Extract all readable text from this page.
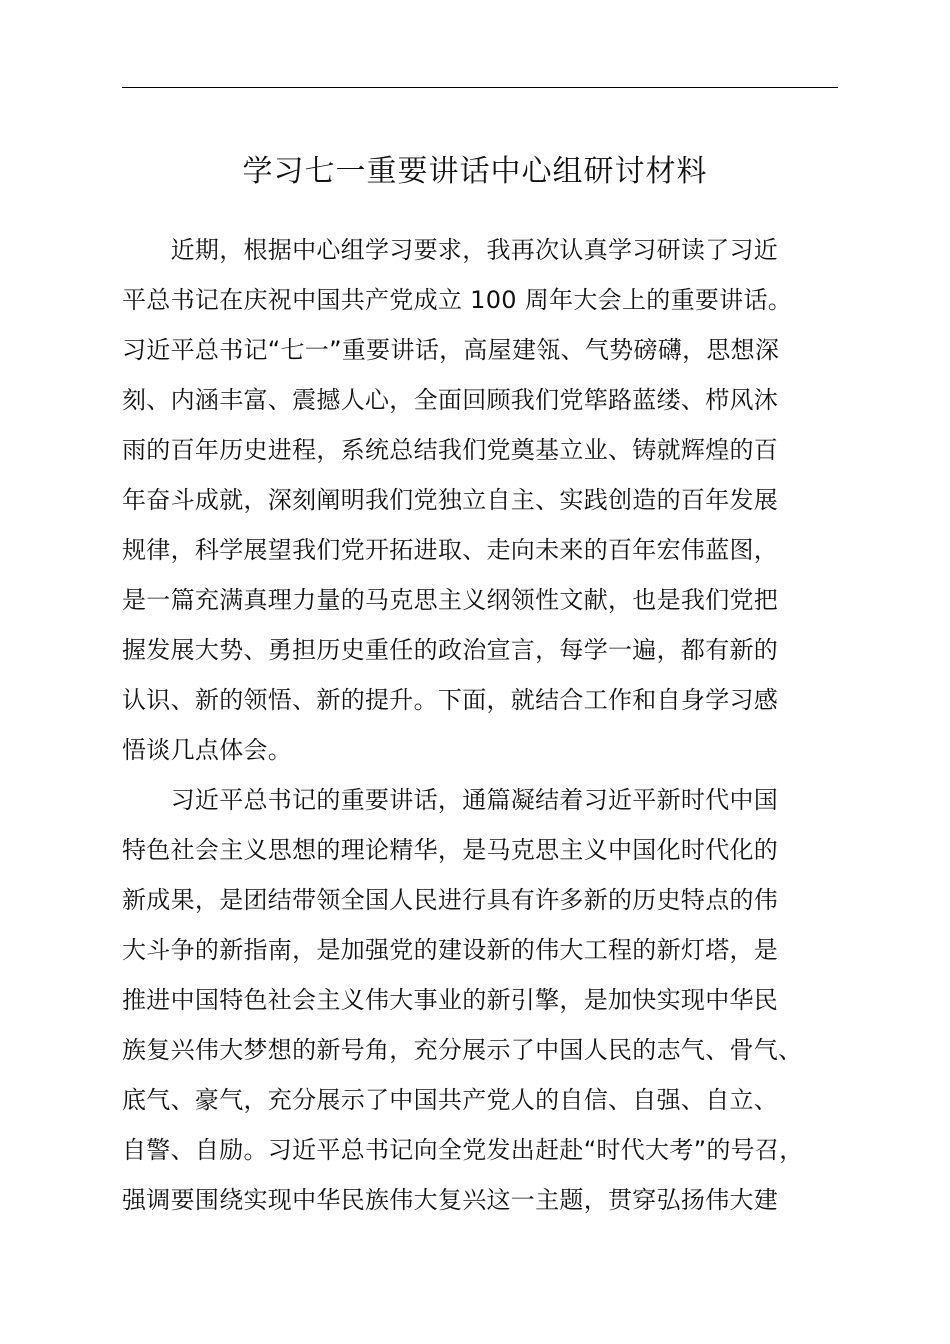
学习七一重要讲话中心组研讨材料
　　近期，根据中心组学习要求，我再次认真学习研读了习近
平总书记在庆祝中国共产党成立 100 周年大会上的重要讲话。
习近平总书记“七一”重要讲话，高屋建瓴、气势磅礴，思想深
刻、内涵丰富、震撼人心，全面回顾我们党筚路蓝缕、栉风沐
雨的百年历史进程，系统总结我们党奠基立业、铸就辉煌的百
年奋斗成就，深刻阐明我们党独立自主、实践创造的百年发展
规律，科学展望我们党开拓进取、走向未来的百年宏伟蓝图，
是一篇充满真理力量的马克思主义纲领性文献，也是我们党把
握发展大势、勇担历史重任的政治宣言，每学一遍，都有新的
认识、新的领悟、新的提升。下面，就结合工作和自身学习感
悟谈几点体会。
　　习近平总书记的重要讲话，通篇凝结着习近平新时代中国
特色社会主义思想的理论精华，是马克思主义中国化时代化的
新成果，是团结带领全国人民进行具有许多新的历史特点的伟
大斗争的新指南，是加强党的建设新的伟大工程的新灯塔，是
推进中国特色社会主义伟大事业的新引擎，是加快实现中华民
族复兴伟大梦想的新号角，充分展示了中国人民的志气、骨气、
底气、豪气，充分展示了中国共产党人的自信、自强、自立、
自警、自励。习近平总书记向全党发出赶赴“时代大考”的号召，
强调要围绕实现中华民族伟大复兴这一主题，贯穿弘扬伟大建
